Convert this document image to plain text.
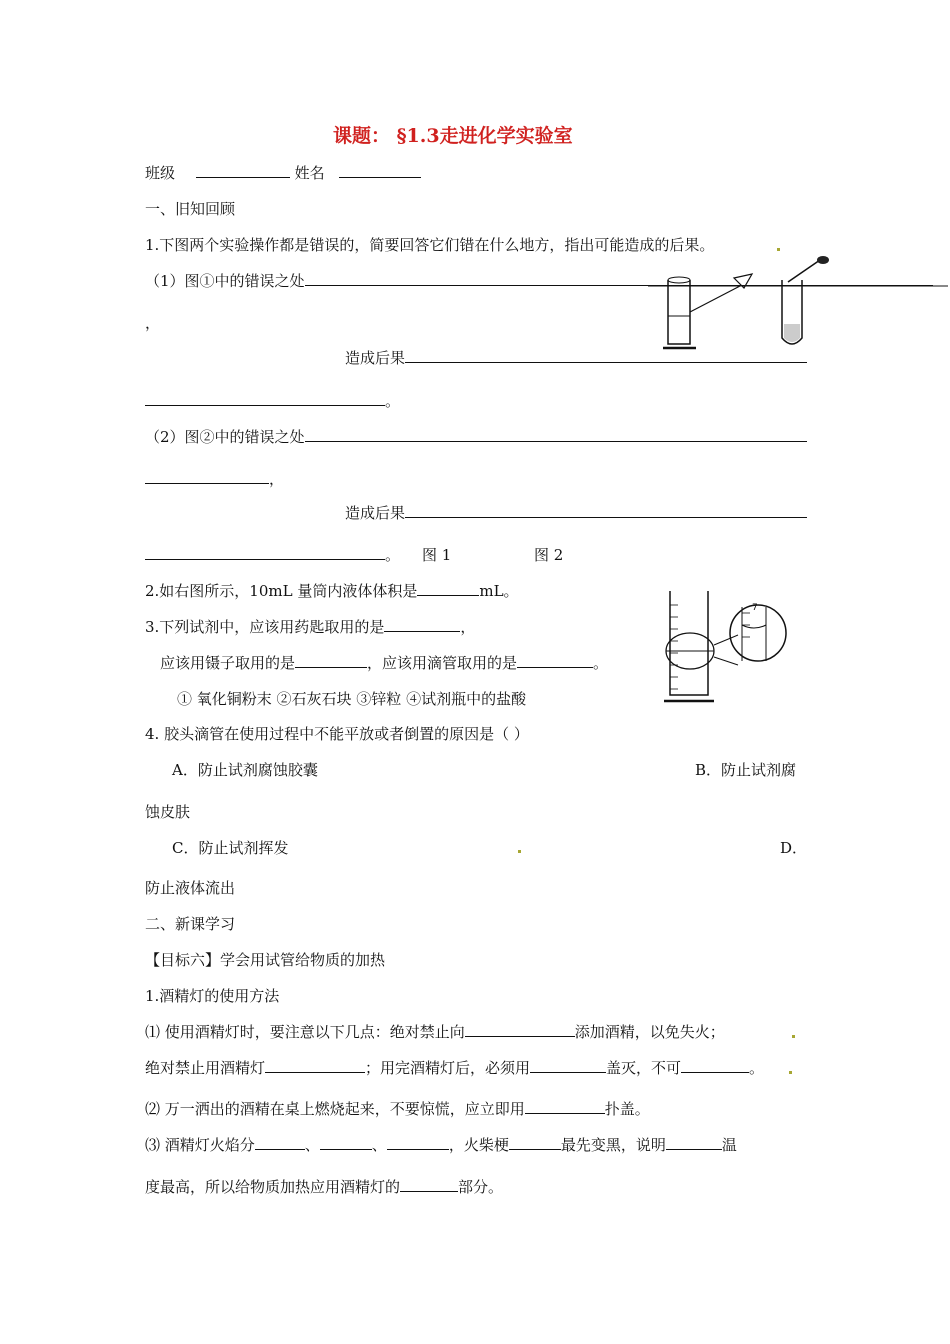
课题： §1.3走进化学实验室
班级	姓名
一、旧知回顾
1.下图两个实验操作都是错误的，简要回答它们错在什么地方，指出可能造成的后果。
（1）图①中的错误之处
，
造成后果
。
（2）图②中的错误之处
，
造成后果
。 图 1	图 2
2.如右图所示，10mL 量筒内液体体积是	mL。
3.下列试剂中，应该用药匙取用的是	，
应该用镊子取用的是	，应该用滴管取用的是	。
① 氧化铜粉末 ②石灰石块 ③锌粒 ④试剂瓶中的盐酸
7
4. 胶头滴管在使用过程中不能平放或者倒置的原因是（ ）
A．防止试剂腐蚀胶囊	B．防止试剂腐
蚀皮肤
C．防止试剂挥发	D．
防止液体流出
二、新课学习
【目标六】学会用试管给物质的加热
1.酒精灯的使用方法
⑴ 使用酒精灯时，要注意以下几点：绝对禁止向	添加酒精，以免失火；
绝对禁止用酒精灯	；用完酒精灯后，必须用	盖灭，不可	。
⑵ 万一洒出的酒精在桌上燃烧起来，不要惊慌，应立即用	扑盖。
⑶ 酒精灯火焰分	、	、	，火柴梗	最先变黑，说明	温
度最高，所以给物质加热应用酒精灯的	部分。
